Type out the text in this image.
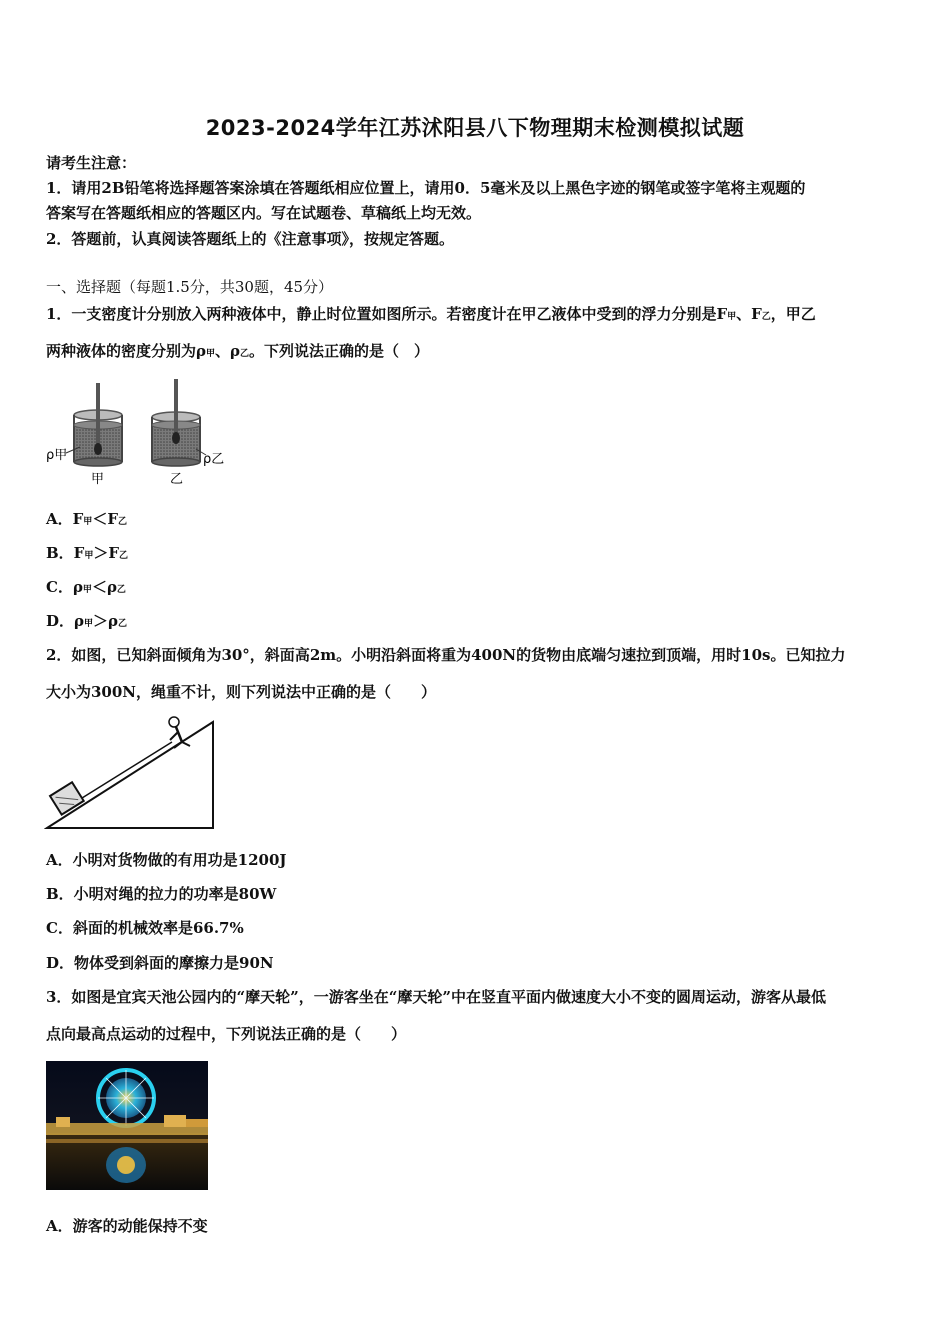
2023-2024学年江苏沭阳县八下物理期末检测模拟试题
请考生注意：
1．请用2B铅笔将选择题答案涂填在答题纸相应位置上，请用0．5毫米及以上黑色字迹的钢笔或签字笔将主观题的
答案写在答题纸相应的答题区内。写在试题卷、草稿纸上均无效。
2．答题前，认真阅读答题纸上的《注意事项》，按规定答题。
一、选择题（每题1.5分，共30题，45分）
1．一支密度计分别放入两种液体中，静止时位置如图所示。若密度计在甲乙液体中受到的浮力分别是F甲、F乙，甲乙
两种液体的密度分别为ρ甲、ρ乙。下列说法正确的是（　）
ρ甲	ρ乙
甲	乙
A．F甲＜F乙
B．F甲＞F乙
C．ρ甲＜ρ乙
D．ρ甲＞ρ乙
2．如图，已知斜面倾角为30°，斜面高2m。小明沿斜面将重为400N的货物由底端匀速拉到顶端，用时10s。已知拉力
大小为300N，绳重不计，则下列说法中正确的是（　　）
A．小明对货物做的有用功是1200J
B．小明对绳的拉力的功率是80W
C．斜面的机械效率是66.7%
D．物体受到斜面的摩擦力是90N
3．如图是宜宾天池公园内的“摩天轮”，一游客坐在“摩天轮”中在竖直平面内做速度大小不变的圆周运动，游客从最低
点向最高点运动的过程中，下列说法正确的是（　　）
A．游客的动能保持不变
